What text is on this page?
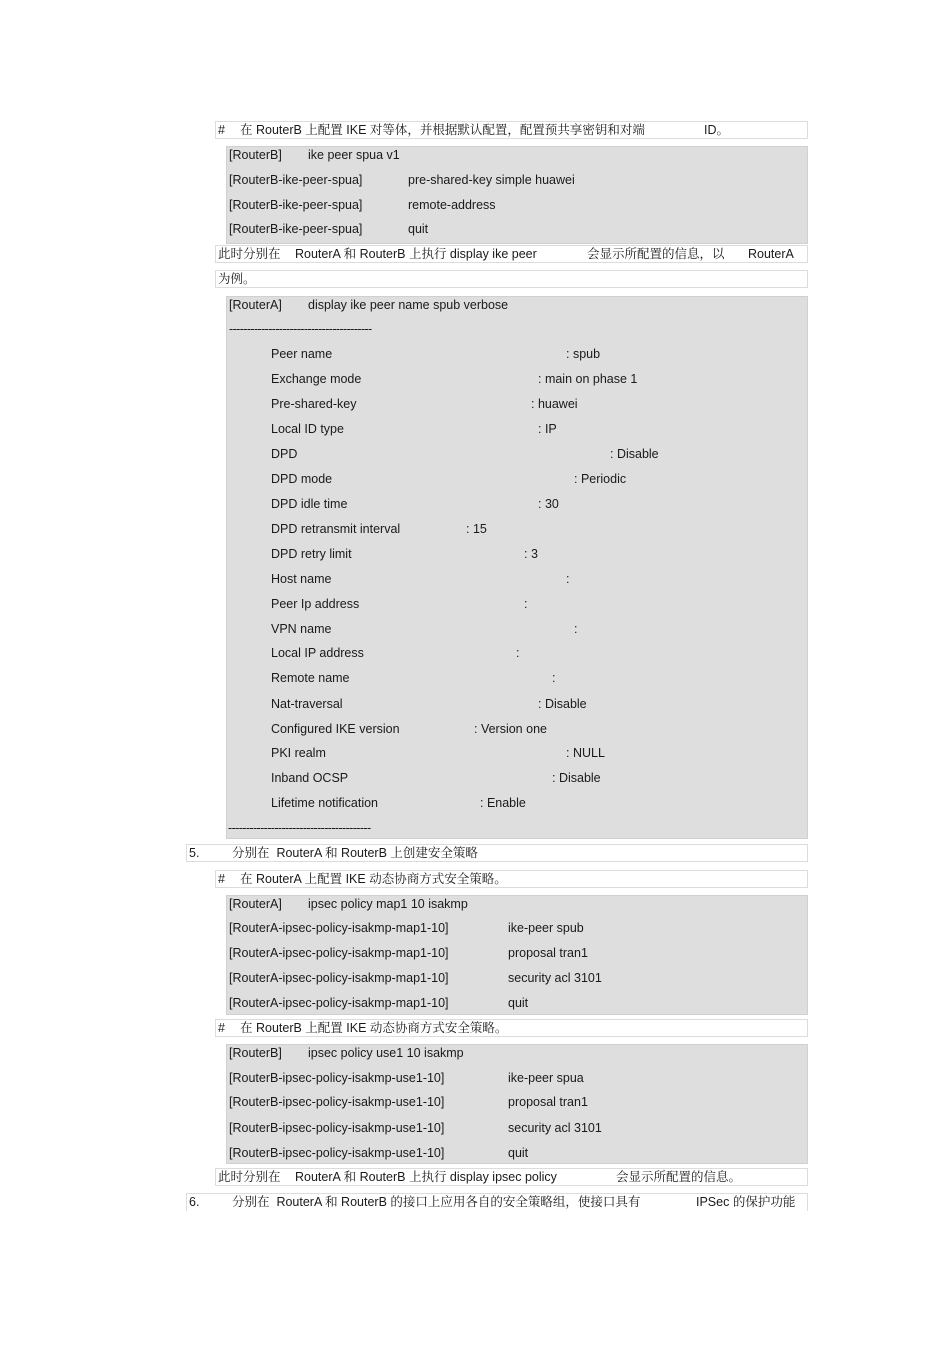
#

在 RouterB 上配置 IKE 对等体，并根据默认配置，配置预共享密钥和对端

	ID。

[RouterB] ike peer spua v1
[RouterB-ike-peer-spua]	pre-shared-key simple huawei
[RouterB-ike-peer-spua]	remote-address
[RouterB-ike-peer-spua]	quit

此时分别在

RouterA 和 RouterB 上执行 display ike peer

	会显示所配置的信息，以

RouterA

为例。

[RouterA] display ike peer name spub verbose
----------------------------------------
Peer name	: spub
Exchange mode	: main on phase 1
Pre-shared-key	: huawei
Local ID type	: IP
DPD	: Disable
DPD mode	: Periodic
DPD idle time	: 30
DPD retransmit interval	: 15
DPD retry limit	: 3
Host name	:
Peer Ip address	:
VPN name	:
Local IP address	:
Remote name	:
Nat-traversal	: Disable
Configured IKE version	: Version one
PKI realm	: NULL
Inband OCSP	: Disable
Lifetime notification	: Enable
----------------------------------------

5.

	分别在  RouterA 和 RouterB 上创建安全策略

#

在 RouterA 上配置 IKE 动态协商方式安全策略。

[RouterA] ipsec policy map1 10 isakmp
[RouterA-ipsec-policy-isakmp-map1-10]	ike-peer spub
[RouterA-ipsec-policy-isakmp-map1-10]	proposal tran1
[RouterA-ipsec-policy-isakmp-map1-10]	security acl 3101
[RouterA-ipsec-policy-isakmp-map1-10]	quit

#

在 RouterB 上配置 IKE 动态协商方式安全策略。

[RouterB] ipsec policy use1 10 isakmp
[RouterB-ipsec-policy-isakmp-use1-10]	ike-peer spua
[RouterB-ipsec-policy-isakmp-use1-10]	proposal tran1
[RouterB-ipsec-policy-isakmp-use1-10]	security acl 3101
[RouterB-ipsec-policy-isakmp-use1-10]	quit

此时分别在

RouterA 和 RouterB 上执行 display ipsec policy

	会显示所配置的信息。

6.

	分别在  RouterA 和 RouterB 的接口上应用各自的安全策略组，使接口具有

	IPSec 的保护功能
